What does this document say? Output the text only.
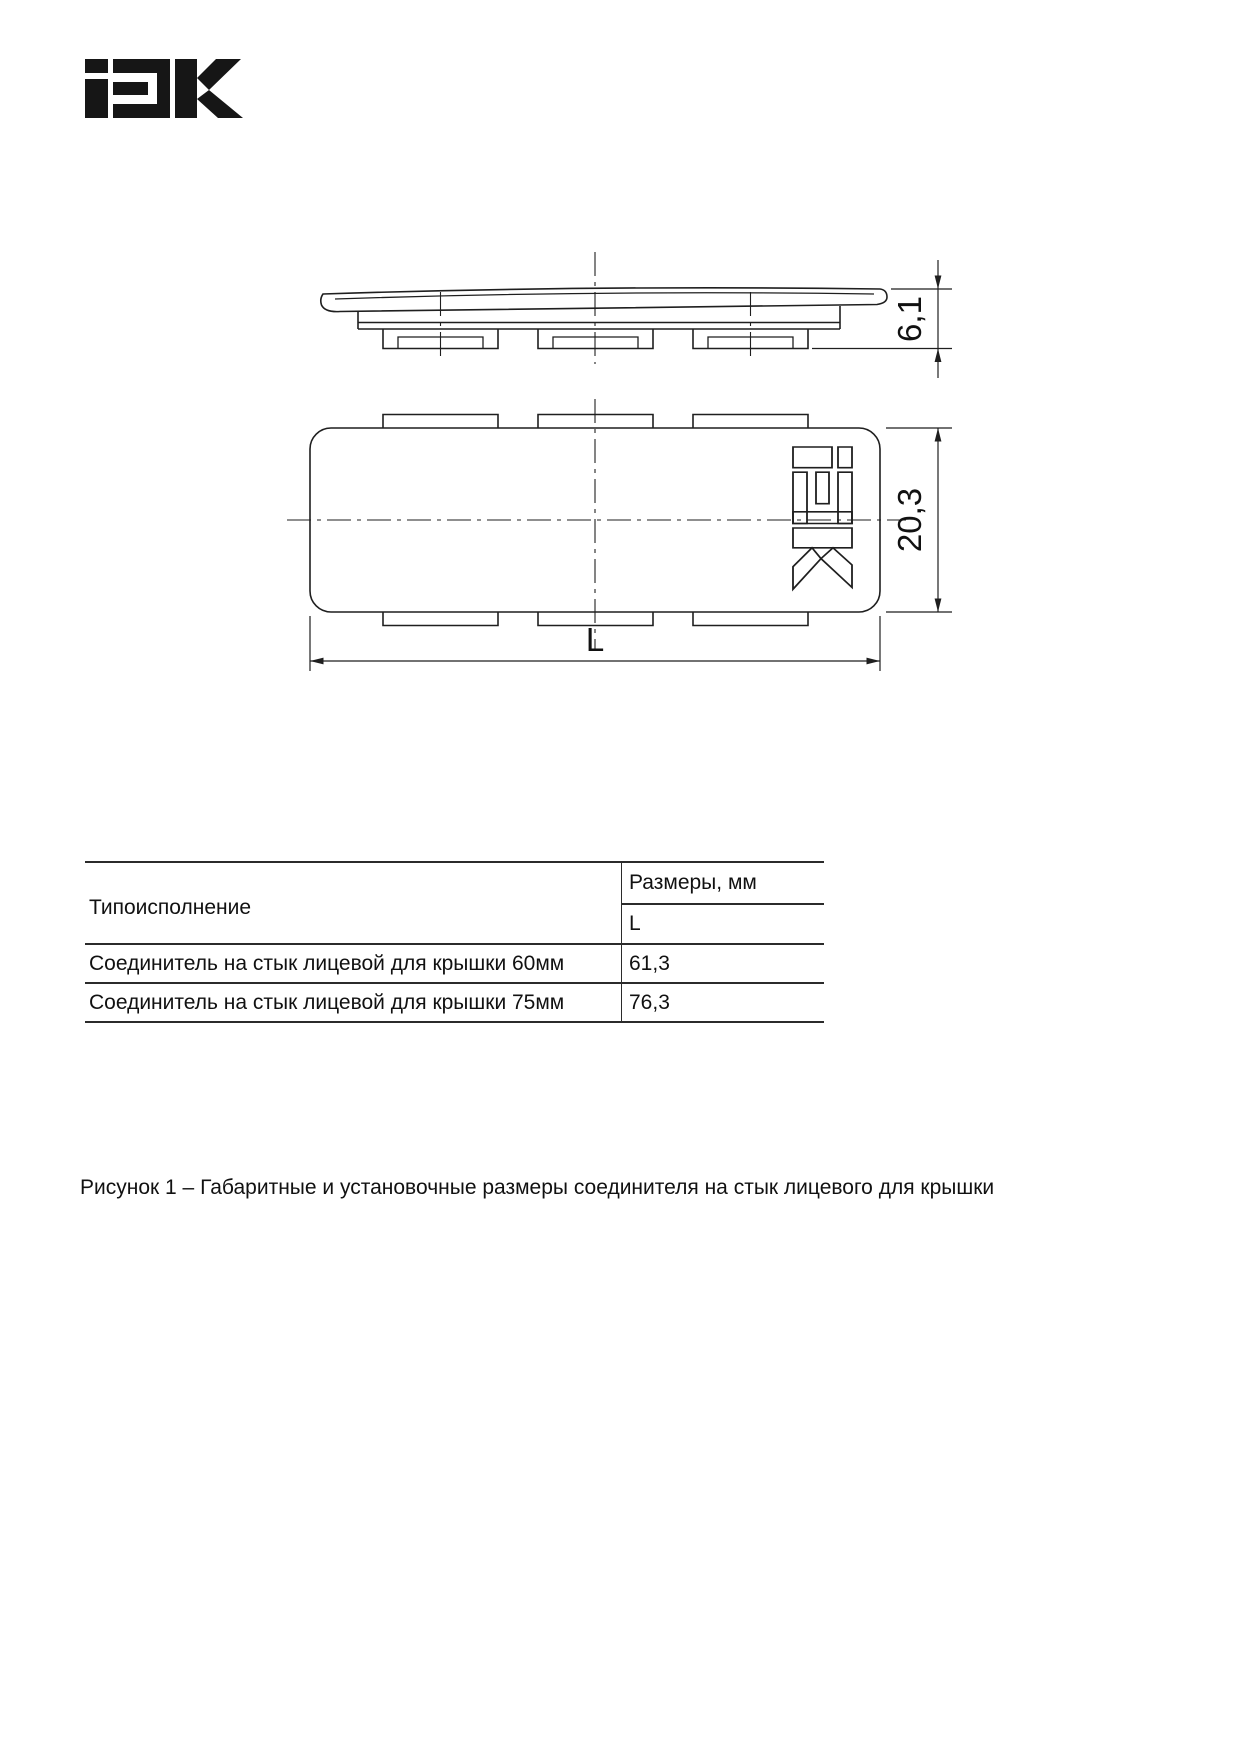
6,1
20,3
L
Типоисполнение	Размеры, мм
	L
Соединитель на стык лицевой для крышки 60мм	61,3
Соединитель на стык лицевой для крышки 75мм	76,3
Рисунок 1 – Габаритные и установочные размеры соединителя на стык лицевого для крышки
